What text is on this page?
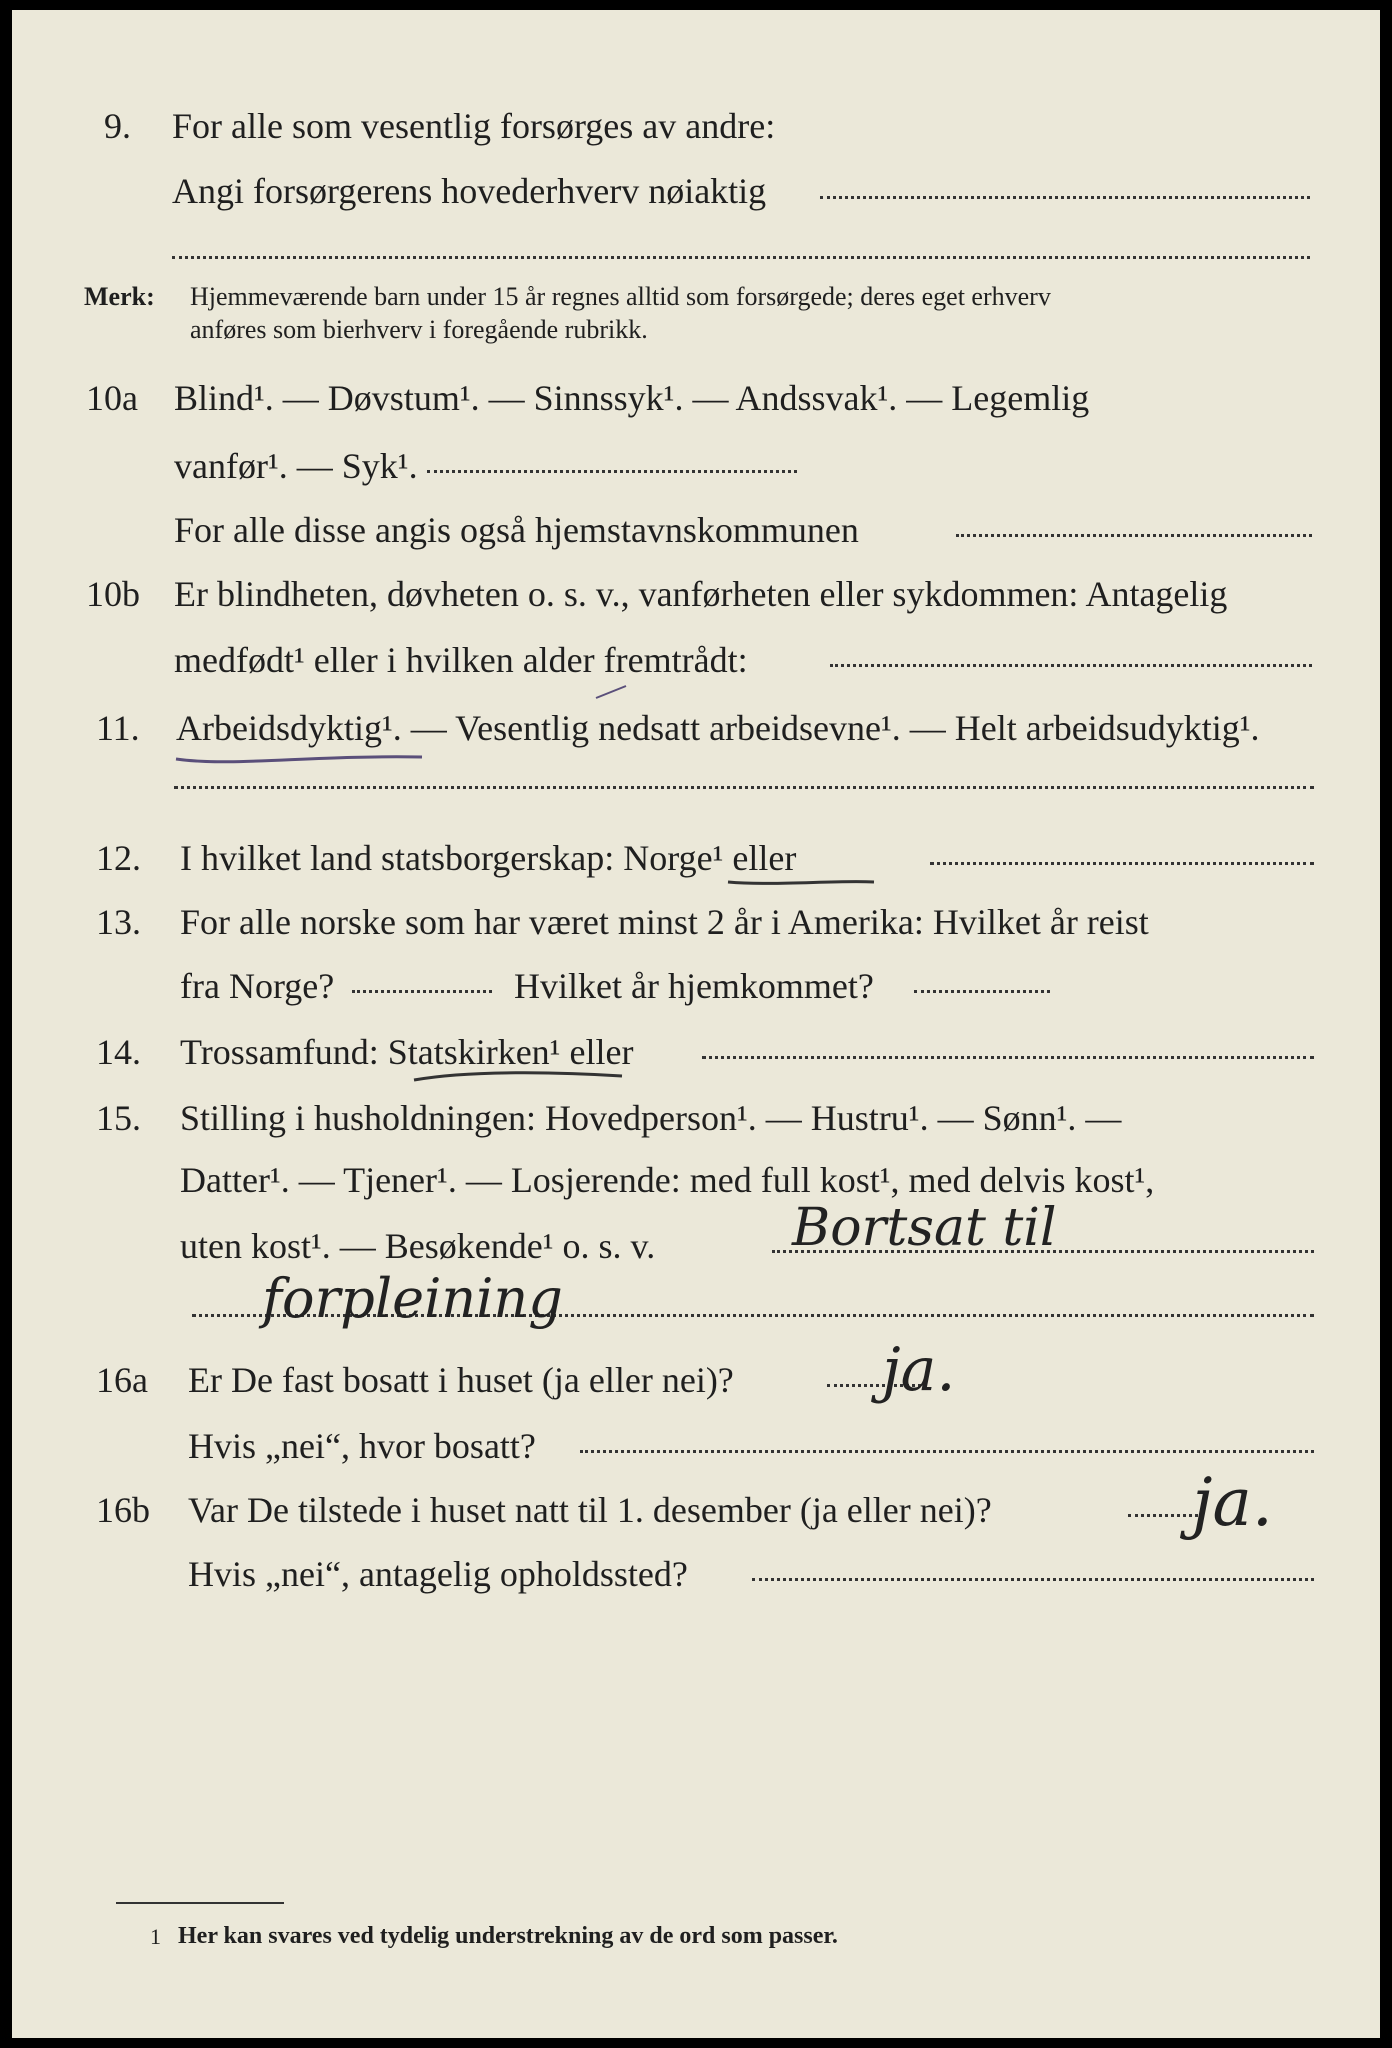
9. For alle som vesentlig forsørges av andre:
Angi forsørgerens hovederhverv nøiaktig
Merk: Hjemmeværende barn under 15 år regnes alltid som forsørgede; deres eget erhverv
anføres som bierhverv i foregående rubrikk.
10a Blind¹. — Døvstum¹. — Sinnssyk¹. — Andssvak¹. — Legemlig
vanfør¹. — Syk¹.
For alle disse angis også hjemstavnskommunen
10b Er blindheten, døvheten o. s. v., vanførheten eller sykdommen: Antagelig
medfødt¹ eller i hvilken alder fremtrådt:
11. Arbeidsdyktig¹. — Vesentlig nedsatt arbeidsevne¹. — Helt arbeidsudyktig¹.
12. I hvilket land statsborgerskap: Norge¹ eller
13. For alle norske som har været minst 2 år i Amerika: Hvilket år reist
fra Norge?	Hvilket år hjemkommet?
14. Trossamfund: Statskirken¹ eller
15. Stilling i husholdningen: Hovedperson¹. — Hustru¹. — Sønn¹. —
Datter¹. — Tjener¹. — Losjerende: med full kost¹, med delvis kost¹,
uten kost¹. — Besøkende¹ o. s. v.	Bortsat til
forpleining
16a Er De fast bosatt i huset (ja eller nei)? ja.
Hvis „nei“, hvor bosatt?
16b Var De tilstede i huset natt til 1. desember (ja eller nei)?	ja.
Hvis „nei“, antagelig opholdssted?
1 Her kan svares ved tydelig understrekning av de ord som passer.
